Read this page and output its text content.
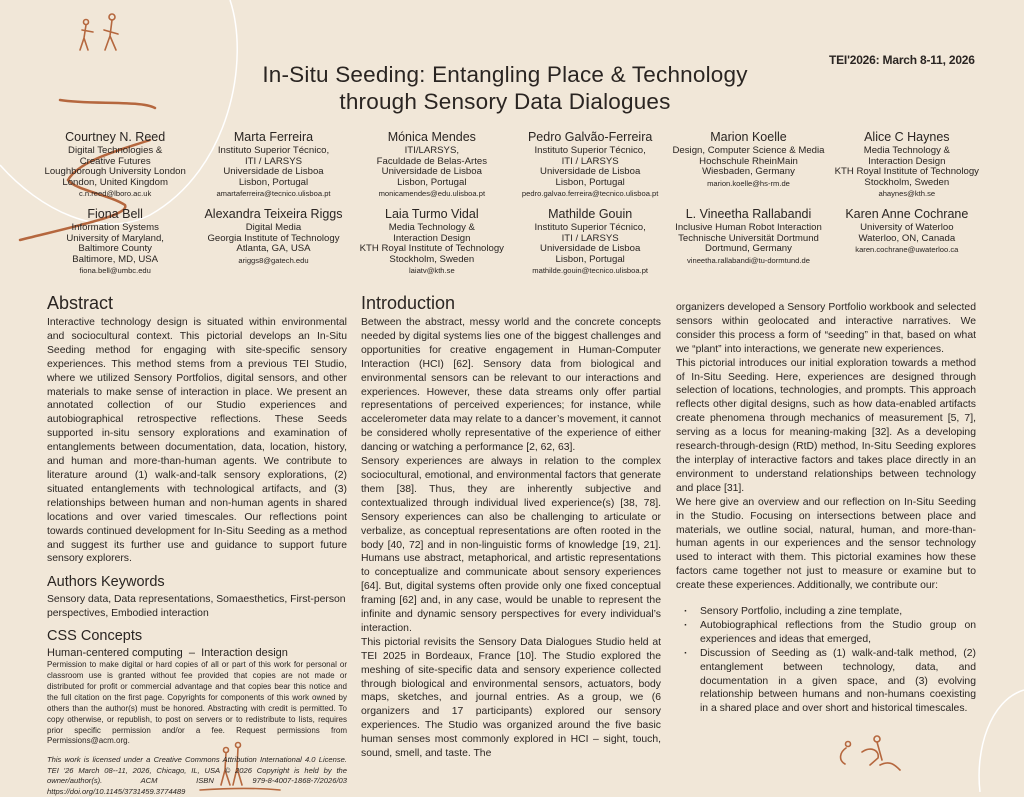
TEI'2026: March 8-11, 2026
In-Situ Seeding: Entangling Place & Technology
through Sensory Data Dialogues
Courtney N. Reed
Digital Technologies &
Creative Futures
Loughborough University London
London, United Kingdom
c.n.reed@lboro.ac.uk
Marta Ferreira
Instituto Superior Técnico,
ITI / LARSYS
Universidade de Lisboa
Lisbon, Portugal
amartaferreira@tecnico.ulisboa.pt
Mónica Mendes
ITI/LARSYS,
Faculdade de Belas-Artes
Universidade de Lisboa
Lisbon, Portugal
monicamendes@edu.ulisboa.pt
Pedro Galvão-Ferreira
Instituto Superior Técnico,
ITI / LARSYS
Universidade de Lisboa
Lisbon, Portugal
pedro.galvao.ferreira@tecnico.ulisboa.pt
Marion Koelle
Design, Computer Science & Media
Hochschule RheinMain
Wiesbaden, Germany
marion.koelle@hs-rm.de
Alice C Haynes
Media Technology &
Interaction Design
KTH Royal Institute of Technology
Stockholm, Sweden
ahaynes@kth.se
Fiona Bell
Information Systems
University of Maryland,
Baltimore County
Baltimore, MD, USA
fiona.bell@umbc.edu
Alexandra Teixeira Riggs
Digital Media
Georgia Institute of Technology
Atlanta, GA, USA
ariggs8@gatech.edu
Laia Turmo Vidal
Media Technology &
Interaction Design
KTH Royal Institute of Technology
Stockholm, Sweden
laiatv@kth.se
Mathilde Gouin
Instituto Superior Técnico,
ITI / LARSYS
Universidade de Lisboa
Lisbon, Portugal
mathilde.gouin@tecnico.ulisboa.pt
L. Vineetha Rallabandi
Inclusive Human Robot Interaction
Technische Universität Dortmund
Dortmund, Germany
vineetha.rallabandi@tu-dormtund.de
Karen Anne Cochrane
University of Waterloo
Waterloo, ON, Canada
karen.cochrane@uwaterloo.ca
Abstract

Interactive technology design is situated within environmental and sociocultural context. This pictorial develops an In-Situ Seeding method for engaging with site-specific sensory experiences. This method stems from a previous TEI Studio, where we utilized Sensory Portfolios, digital sensors, and other materials to make sense of interaction in place. We present an annotated collection of our Studio experiences and autobiographical retrospective reflections. These Seeds supported in-situ sensory explorations and examination of entanglements between documentation, data, location, history, and human and more-than-human agents. We contribute to literature around (1) walk-and-talk sensory explorations, (2) situated entanglements with technological artifacts, and (3) relationships between human and non-human agents in shared locations and over varied timescales. Our reflections point towards continued development for In-Situ Seeding as a method and suggest its further use and guidance to support future sensory explorers.

Authors Keywords

Sensory data, Data representations, Somaesthetics, First-person perspectives, Embodied interaction

CSS Concepts

Human-centered computing  –  Interaction design

Permission to make digital or hard copies of all or part of this work for personal or classroom use is granted without fee provided that copies are not made or distributed for profit or commercial advantage and that copies bear this notice and the full citation on the first page. Copyrights for components of this work owned by others than the author(s) must be honored. Abstracting with credit is permitted. To copy otherwise, or republish, to post on servers or to redistribute to lists, requires prior specific permission and/or a fee. Request permissions from Permissions@acm.org.

This work is licensed under a Creative Commons Attribution International 4.0 License. TEI '26 March 08--11, 2026, Chicago, IL, USA © 2026 Copyright is held by the owner/author(s). ACM ISBN 979-8-4007-1868-7/2026/03 https://doi.org/10.1145/3731459.3774489

Introduction

Between the abstract, messy world and the concrete concepts needed by digital systems lies one of the biggest challenges and opportunities for creative engagement in Human-Computer Interaction (HCI) [62]. Sensory data from biological and environmental sensors can be relevant to our interactions and experiences. However, these data streams only offer partial representations of perceived experiences; for instance, while accelerometer data may relate to a dancer’s movement, it cannot be considered wholly representative of the experience of either dancing or watching a performance [2, 62, 63].

Sensory experiences are always in relation to the complex sociocultural, emotional, and environmental factors that generate them [38]. Thus, they are inherently subjective and contextualized through individual lived experience(s) [38, 78]. Sensory experiences can also be challenging to articulate or verbalize, as conceptual representations are often rooted in the body [40, 72] and in non-linguistic forms of knowledge [19, 21]. Humans use abstract, metaphorical, and artistic representations to conceptualize and communicate about sensory experiences [64]. But, digital systems often provide only one fixed conceptual framing [62] and, in any case, would be unable to represent the infinite and dynamic sensory perspectives for every individual’s interaction.

This pictorial revisits the Sensory Data Dialogues Studio held at TEI 2025 in Bordeaux, France [10]. The Studio explored the meshing of site-specific data and sensory experience collected through biological and environmental sensors, actuators, body maps, sketches, and journal entries. As a group, we (6 organizers and 17 participants) explored our sensory experiences. The Studio was organized around the five basic human senses most commonly explored in HCI – sight, touch, sound, smell, and taste. The

organizers developed a Sensory Portfolio workbook and selected sensors within geolocated and interactive narratives. We consider this process a form of “seeding” in that, based on what we “plant” into interactions, we generate new experiences.

This pictorial introduces our initial exploration towards a method of In-Situ Seeding. Here, experiences are designed through selection of locations, technologies, and prompts. This approach reflects other digital designs, such as how data-enabled artifacts create phenomena through mechanics of measurement [5, 7], serving as a locus for meaning-making [32]. As a developing research-through-design (RtD) method, In-Situ Seeding explores the interplay of interactive factors and takes place directly in an environment to understand relationships between technology and place [31].

We here give an overview and our reflection on In-Situ Seeding in the Studio. Focusing on intersections between place and materials, we outline social, natural, human, and more-than-human agents in our experiences and the sensor technology used to interact with them. This pictorial examines how these factors came together not just to measure or examine but to create these experiences. Additionally, we contribute our:

· Sensory Portfolio, including a zine template,
· Autobiographical reflections from the Studio group on experiences and ideas that emerged,
· Discussion of Seeding as (1) walk-and-talk method, (2) entanglement between technology, data, and documentation in a given space, and (3) evolving relationship between humans and non-humans coexisting in a shared place and over short and historical timescales.
